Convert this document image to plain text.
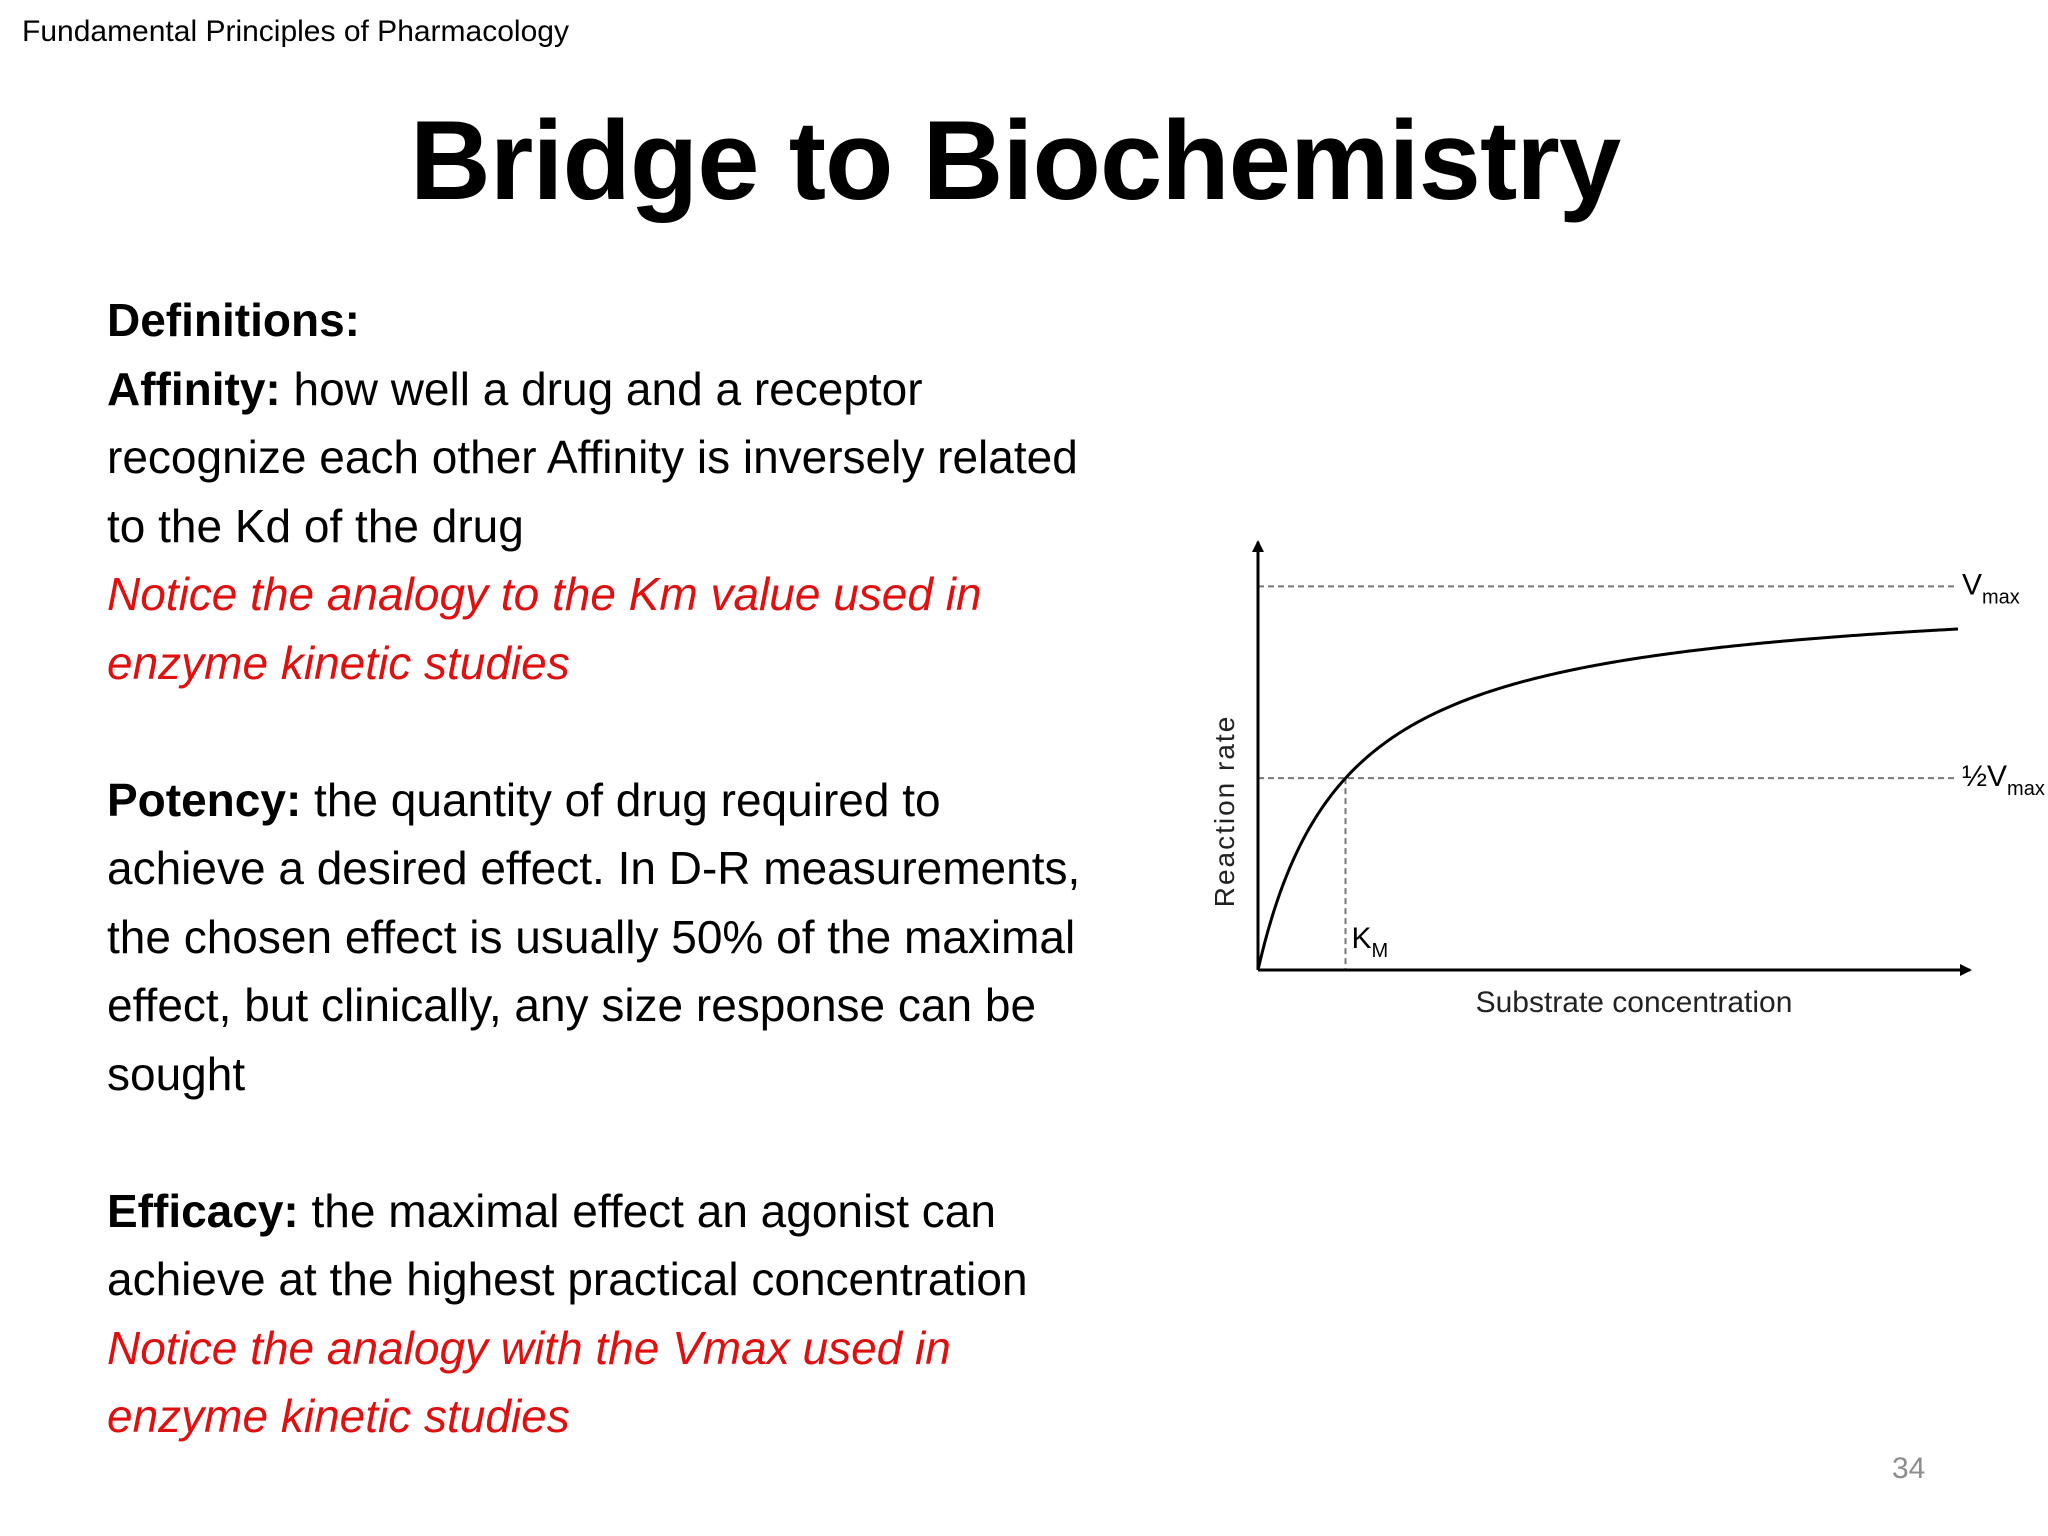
Fundamental Principles of Pharmacology
Bridge to Biochemistry

Definitions:

Affinity: how well a drug and a receptor

recognize each other Affinity is inversely related

to the Kd of the drug

Notice the analogy to the Km value used in

enzyme kinetic studies

Potency: the quantity of drug required to

achieve a desired effect. In D-R measurements,

the chosen effect is usually 50% of the maximal

effect, but clinically, any size response can be

sought

Efficacy: the maximal effect an agonist can

achieve at the highest practical concentration

Notice the analogy with the Vmax used in

enzyme kinetic studies

$V_{max}$
$\frac{1}{2}V_{max}$
$K_M$
Substrate concentration
Reaction rate
34
